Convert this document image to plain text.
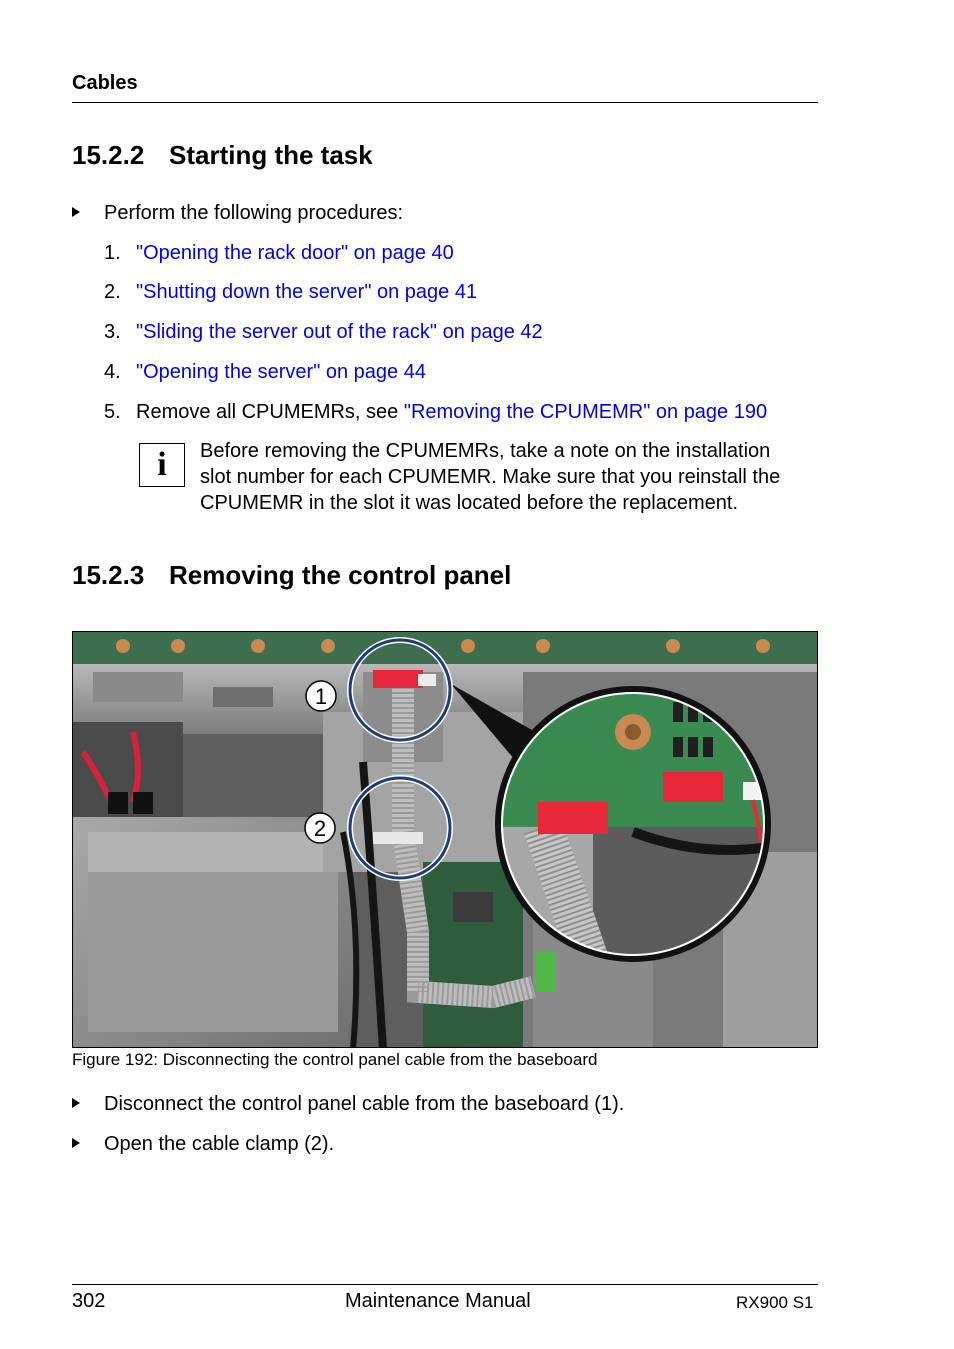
Cables
15.2.2 Starting the task
Perform the following procedures:
1. "Opening the rack door" on page 40
2. "Shutting down the server" on page 41
3. "Sliding the server out of the rack" on page 42
4. "Opening the server" on page 44
5. Remove all CPUMEMRs, see "Removing the CPUMEMR" on page 190
i	Before removing the CPUMEMRs, take a note on the installation
slot number for each CPUMEMR. Make sure that you reinstall the
CPUMEMR in the slot it was located before the replacement.
15.2.3 Removing the control panel
1
2
Figure 192: Disconnecting the control panel cable from the baseboard
Disconnect the control panel cable from the baseboard (1).
Open the cable clamp (2).
302	Maintenance Manual	RX900 S1
